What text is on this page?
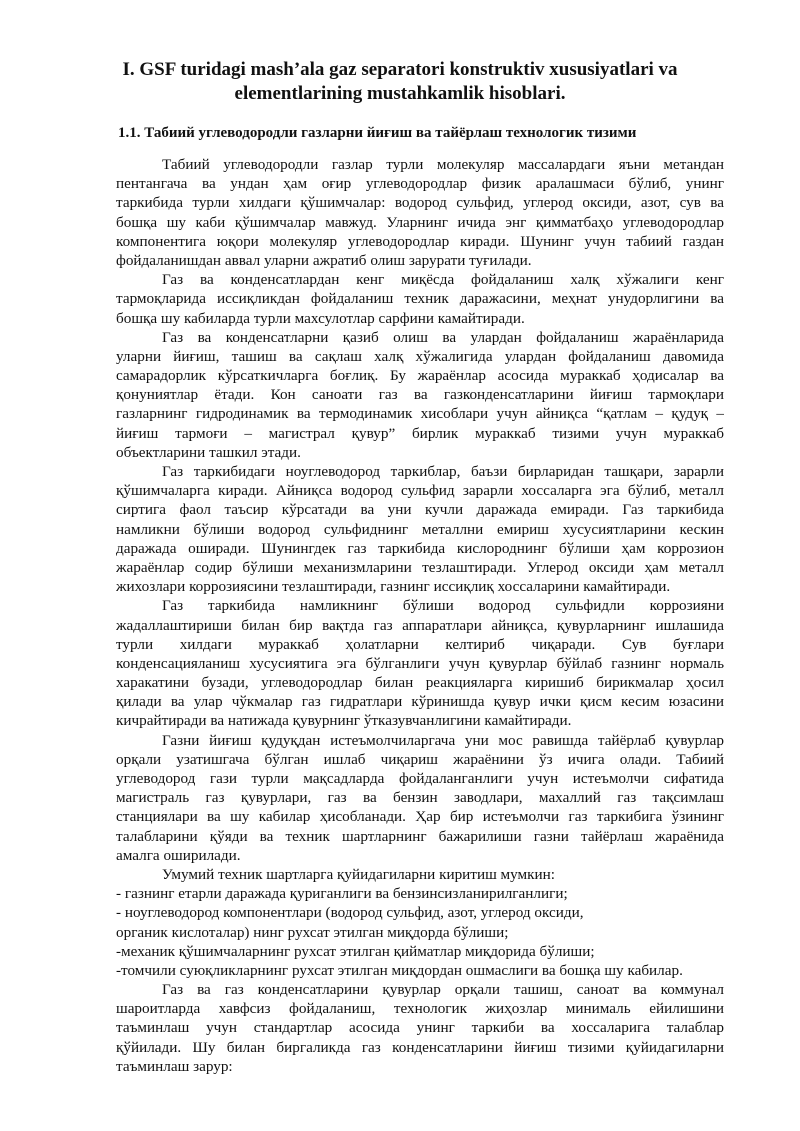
I. GSF turidagi mash’ala gaz separatori konstruktiv xususiyatlari va
elementlarining mustahkamlik hisoblari.
1.1. Табиий углеводородли газларни йиғиш ва тайёрлаш технологик тизими
Табиий углеводородли газлар турли молекуляр массалардаги яъни метандан
пентангача ва ундан ҳам оғир углеводородлар физик аралашмаси бўлиб, унинг
таркибида турли хилдаги қўшимчалар: водород сульфид, углерод оксиди, азот, сув ва
бошқа шу каби қўшимчалар мавжуд. Уларнинг ичида энг қимматбаҳо углеводородлар
компонентига юқори молекуляр углеводородлар киради. Шунинг учун табиий газдан
фойдаланишдан аввал уларни ажратиб олиш зарурати туғилади.
Газ ва конденсатлардан кенг миқёсда фойдаланиш халқ хўжалиги кенг
тармоқларида иссиқликдан фойдаланиш техник даражасини, меҳнат унудорлигини ва
бошқа шу кабиларда турли махсулотлар сарфини камайтиради.
Газ ва конденсатларни қазиб олиш ва улардан фойдаланиш жараёнларида
уларни йиғиш, ташиш ва сақлаш халқ хўжалигида улардан фойдаланиш давомида
самарадорлик кўрсаткичларга боғлиқ. Бу жараёнлар асосида мураккаб ҳодисалар ва
қонуниятлар ётади. Кон саноати газ ва газконденсатларини йиғиш тармоқлари
газларнинг гидродинамик ва термодинамик хисоблари учун айниқса “қатлам – қудуқ –
йиғиш тармоғи – магистрал қувур” бирлик мураккаб тизими учун мураккаб
объектларини ташкил этади.
Газ таркибидаги ноуглеводород таркиблар, баъзи бирларидан ташқари, зарарли
қўшимчаларга киради. Айниқса водород сульфид зарарли хоссаларга эга бўлиб, металл
сиртига фаол таъсир кўрсатади ва уни кучли даражада емиради. Газ таркибида
намликни бўлиши водород сульфиднинг металлни емириш хусусиятларини кескин
даражада оширади. Шунингдек газ таркибида кислороднинг бўлиши ҳам коррозион
жараёнлар содир бўлиши механизмларини тезлаштиради. Углерод оксиди ҳам металл
жихозлари коррозиясини тезлаштиради, газнинг иссиқлиқ хоссаларини камайтиради.
Газ таркибида намликнинг бўлиши водород сульфидли коррозияни
жадаллаштириши билан бир вақтда газ аппаратлари айниқса, қувурларнинг ишлашида
турли хилдаги мураккаб ҳолатларни келтириб чиқаради. Сув буғлари
конденсацияланиш хусусиятига эга бўлганлиги учун қувурлар бўйлаб газнинг нормаль
харакатини бузади, углеводородлар билан реакцияларга киришиб бирикмалар ҳосил
қилади ва улар чўкмалар газ гидратлари кўринишда қувур ички қисм кесим юзасини
кичрайтиради ва натижада қувурнинг ўтказувчанлигини камайтиради.
Газни йиғиш қудуқдан истеъмолчиларгача уни мос равишда тайёрлаб қувурлар
орқали узатишгача бўлган ишлаб чиқариш жараёнини ўз ичига олади. Табиий
углеводород гази турли мақсадларда фойдаланганлиги учун истеъмолчи сифатида
магистраль газ қувурлари, газ ва бензин заводлари, махаллий газ тақсимлаш
станциялари ва шу кабилар ҳисобланади. Ҳар бир истеъмолчи газ таркибига ўзининг
талабларини қўяди ва техник шартларнинг бажарилиши газни тайёрлаш жараёнида
амалга оширилади.
Умумий техник шартларга қуйидагиларни киритиш мумкин:
- газнинг етарли даражада қуриганлиги ва бензинсизланирилганлиги;
- ноуглеводород компонентлари (водород сульфид, азот, углерод оксиди,
органик кислоталар) нинг рухсат этилган миқдорда бўлиши;
-механик қўшимчаларнинг рухсат этилган қийматлар миқдорида бўлиши;
-томчили суюқликларнинг рухсат этилган миқдордан ошмаслиги ва бошқа шу кабилар.
Газ ва газ конденсатларини қувурлар орқали ташиш, саноат ва коммунал
шароитларда хавфсиз фойдаланиш, технологик жиҳозлар минималь ейилишини
таъминлаш учун стандартлар асосида унинг таркиби ва хоссаларига талаблар
қўйилади. Шу билан биргаликда газ конденсатларини йиғиш тизими қуйидагиларни
таъминлаш зарур:
